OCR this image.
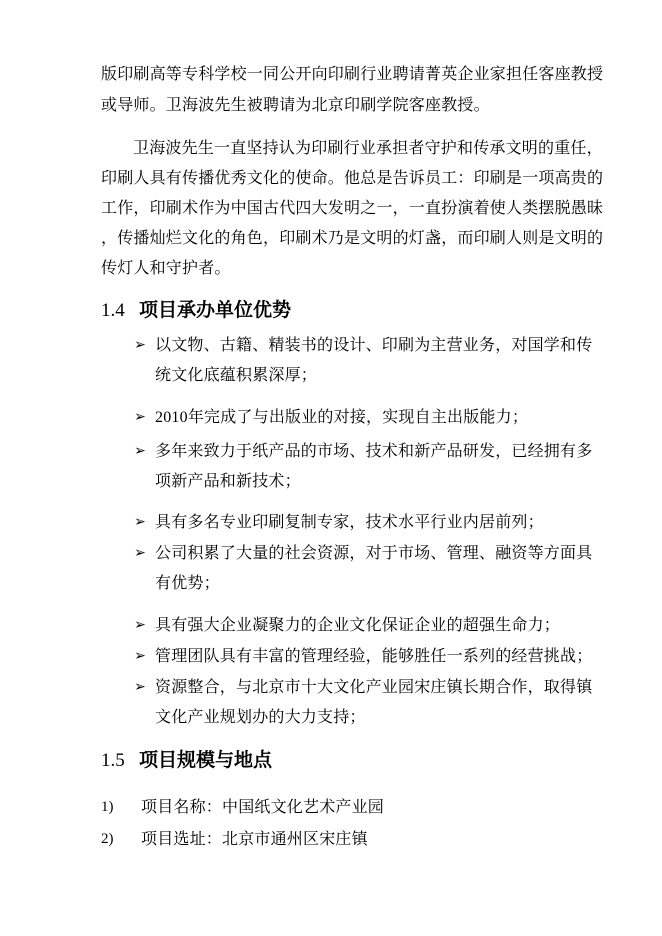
版印刷高等专科学校一同公开向印刷行业聘请菁英企业家担任客座教授
或导师。卫海波先生被聘请为北京印刷学院客座教授。
卫海波先生一直坚持认为印刷行业承担者守护和传承文明的重任，
印刷人具有传播优秀文化的使命。他总是告诉员工：印刷是一项高贵的
工作，印刷术作为中国古代四大发明之一，一直扮演着使人类摆脱愚昧
，传播灿烂文化的角色，印刷术乃是文明的灯盏，而印刷人则是文明的
传灯人和守护者。
1.4 项目承办单位优势
➢ 以文物、古籍、精装书的设计、印刷为主营业务，对国学和传
统文化底蕴积累深厚；
➢ 2010年完成了与出版业的对接，实现自主出版能力；
➢ 多年来致力于纸产品的市场、技术和新产品研发，已经拥有多
项新产品和新技术；
➢ 具有多名专业印刷复制专家，技术水平行业内居前列；
➢ 公司积累了大量的社会资源，对于市场、管理、融资等方面具
有优势；
➢ 具有强大企业凝聚力的企业文化保证企业的超强生命力；
➢ 管理团队具有丰富的管理经验，能够胜任一系列的经营挑战；
➢ 资源整合，与北京市十大文化产业园宋庄镇长期合作，取得镇
文化产业规划办的大力支持；
1.5 项目规模与地点
1) 项目名称：中国纸文化艺术产业园
2) 项目选址：北京市通州区宋庄镇
